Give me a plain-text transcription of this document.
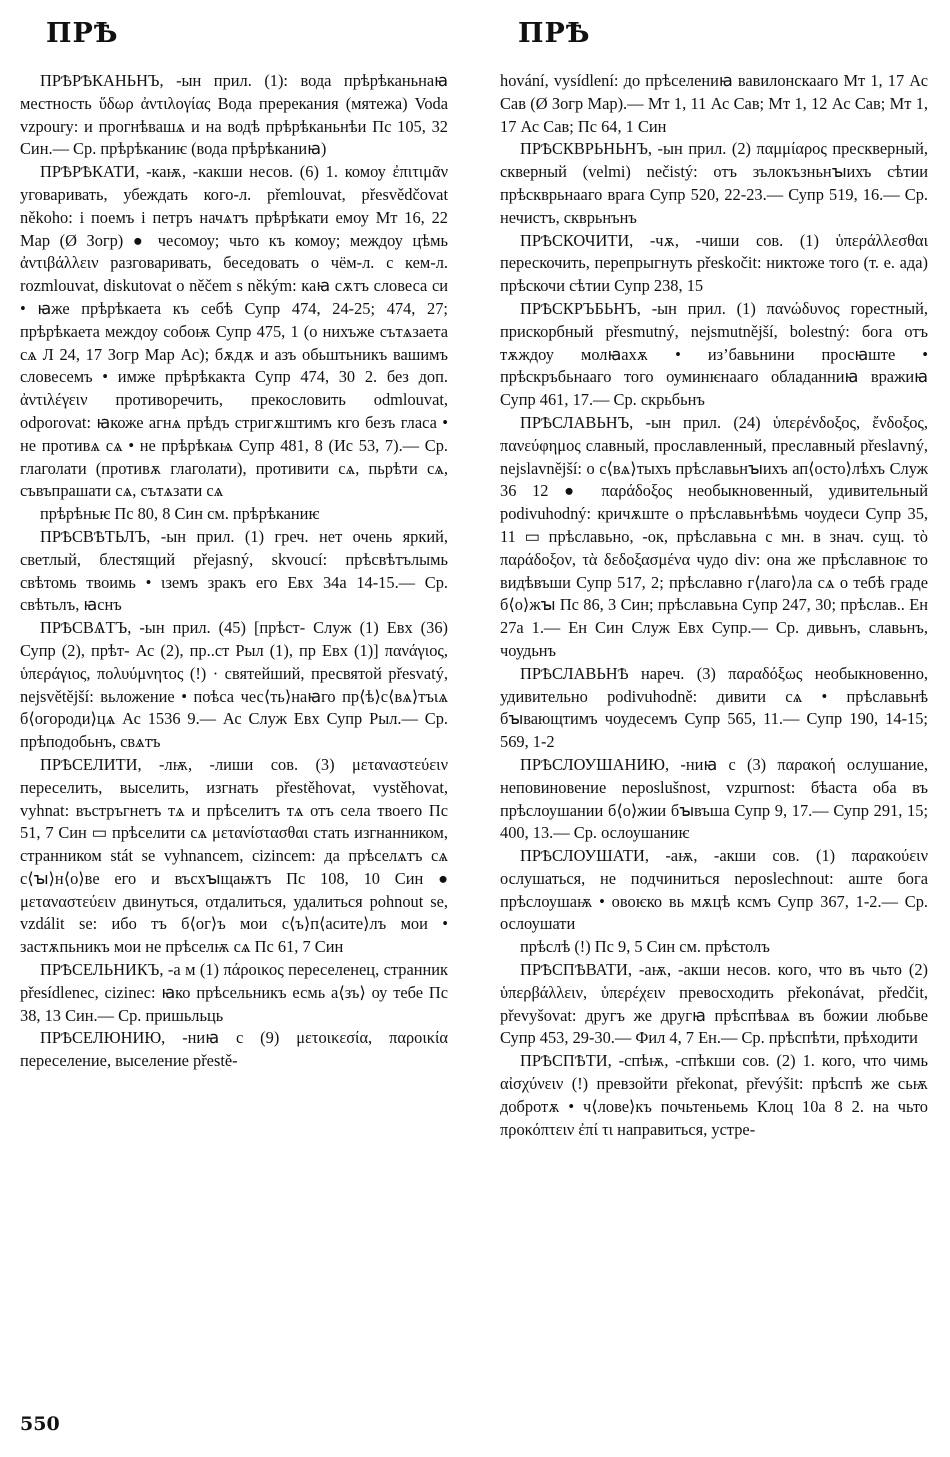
ПРѢ	ПРѢ

ПРѢРѢКАНЬНЪ, -ын прил. (1): вода прѣрѣканьнаꙗ местность ὕδωρ ἀντιλογίας Вода пререкания (мятежа) Voda vzpoury: и прогнѣвашѧ и на водѣ прѣрѣканьнѣи Пс 105, 32 Син.— Ср. прѣрѣканиѥ (вода прѣрѣканиꙗ)

ПРѢРѢКАТИ, -каѭ, -какши несов. (6) 1. комоу ἐπιτιμᾶν уговаривать, убеждать кого-л. přemlouvat, přesvědčovat někoho: і поемъ і петръ начѧтъ прѣрѣкати емоу Мт 16, 22 Мар (Ø Зогр) ● чесомоу; чьто къ комоу; междоу цѣмь ἀντιβάλλειν разговаривать, беседовать о чём-л. с кем-л. rozmlouvat, diskutovat o něčem s někým: каꙗ сѫтъ словеса си • ꙗже прѣрѣкаета къ себѣ Супр 474, 24-25; 474, 27; прѣрѣкаета междоу собоѭ Супр 475, 1 (о нихъже сътѧзаета сѧ Л 24, 17 Зогр Мар Ас); бѫдѫ и азъ обьштьникъ вашимъ словесемъ • имже прѣрѣкакта Супр 474, 30 2. без доп. ἀντιλέγειν противоречить, прекословить odmlouvat, odporovat: ꙗкоже агнѧ прѣдъ стригѫштимъ кго безъ гласа • не противѧ сѧ • не прѣрѣкаѩ Супр 481, 8 (Ис 53, 7).— Ср. глаголати (противѫ глаголати), противити сѧ, пьрѣти сѧ, съвъпрашати сѧ, сътѧзати сѧ

прѣрѣньѥ Пс 80, 8 Син см. прѣрѣканиѥ

ПРѢСВѢТЬЛЪ, -ын прил. (1) греч. нет очень яркий, светлый, блестящий přejasný, skvoucí: прѣсвѣтълымь свѣтомь твоимь • ιземъ зракъ его Евх 34а 14-15.— Ср. свѣтьлъ, ꙗснъ

ПРѢСВѦТЪ, -ын прил. (45) [прѣст- Служ (1) Евх (36) Супр (2), прѣт- Ас (2), пр..ст Рыл (1), пр Евх (1)] πανάγιος, ὑπεράγιος, πολυύμνητος (!) · святейший, пресвятой přesvatý, nejsvětější: вьложение • поѣса чес⟨ть⟩наꙗго пр⟨ѣ⟩с⟨вѧ⟩тъιѧ б⟨огороди⟩цѧ Ас 1536 9.— Ас Служ Евх Супр Рыл.— Ср. прѣподобьнъ, свѧтъ

ПРѢСЕЛИТИ, -лѭ, -лиши сов. (3) μεταναστεύειν переселить, выселить, изгнать přestěhovat, vystěhovat, vyhnat: въстръгнетъ тѧ и прѣселитъ тѧ отъ села твоего Пс 51, 7 Син ▭ прѣселити сѧ μετανίστασθαι стать изгнанником, странником stát se vyhnancem, cizincem: да прѣселѧтъ сѧ с⟨ꙑ⟩н⟨о⟩ве его и въсхꙑщаѭтъ Пс 108, 10 Син ● μεταναστεύειν двинуться, отдалиться, удалиться pohnout se, vzdálit se: ибо тъ б⟨ог⟩ъ мои с⟨ъ⟩п⟨асите⟩лъ мои • застѫпьникъ мои не прѣселѭ сѧ Пс 61, 7 Син

ПРѢСЕЛЬНИКЪ, -а м (1) πάροικος переселенец, странник přesídlenec, cizinec: ꙗко прѣсельникъ есмь а⟨зъ⟩ оу тебе Пс 38, 13 Син.— Ср. пришьльць

ПРѢСЕЛЮНИЮ, -ниꙗ с (9) μετοικεσία, παροικία переселение, выселение přestě-

hování, vysídlení: до прѣселениꙗ вавилонскааго Мт 1, 17 Ас Сав (Ø Зогр Мар).— Мт 1, 11 Ас Сав; Мт 1, 12 Ас Сав; Мт 1, 17 Ас Сав; Пс 64, 1 Син

ПРѢСКВРЬНЬНЪ, -ын прил. (2) παμμίαρος прескверный, скверный (velmi) nečistý: отъ зълокъзньнꙑихъ сѣтии прѣскврьнааго врага Супр 520, 22-23.— Супр 519, 16.— Ср. нечистъ, скврьнънъ

ПРѢСКОЧИТИ, -чѫ, -чиши сов. (1) ὑπεράλλεσθαι перескочить, перепрыгнуть přeskočit: никтоже того (т. е. ада) прѣскочи сѣтии Супр 238, 15

ПРѢСКРЪБЬНЪ, -ын прил. (1) πανώδυνος горестный, прискорбный přesmutný, nejsmutnější, bolestný: бога отъ тѫждоу молꙗахѫ • из’бавьнини просꙗште • прѣскръбьнааго того оуминѥнааго обладанниꙗ вражиꙗ Супр 461, 17.— Ср. скрьбьнъ

ПРѢСЛАВЬНЪ, -ын прил. (24) ὑπερένδοξος, ἔνδοξος, πανεύφημος славный, прославленный, преславный přeslavný, nejslavnější: о с⟨вѧ⟩тыхъ прѣславьнꙑихъ ап⟨осто⟩лѣхъ Служ 36 12 ● παράδοξος необыкновенный, удивительный podivuhodný: кричѫште о прѣславьнѣѣмь чоудеси Супр 35, 11 ▭ прѣславьно, -ок, прѣславьна с мн. в знач. сущ. τὸ παράδοξον, τὰ δεδοξασμένα чудо div: она же прѣславноѥ то видѣвъши Супр 517, 2; прѣславно г⟨лаго⟩ла сѧ о тебѣ граде б⟨о⟩жꙑ Пс 86, 3 Син; прѣславьна Супр 247, 30; прѣслав.. Ен 27а 1.— Ен Син Служ Евх Супр.— Ср. дивьнъ, славьнъ, чоудьнъ

ПРѢСЛАВЬНѢ нареч. (3) παραδόξως необыкновенно, удивительно podivuhodně: дивити сѧ • прѣславьнѣ бꙑвающтимъ чоудесемъ Супр 565, 11.— Супр 190, 14-15; 569, 1-2

ПРѢСЛОУШАНИЮ, -ниꙗ с (3) παρακοή ослушание, неповиновение neposlušnost, vzpurnost: бѣаста оба въ прѣслоушании б⟨о⟩жии бꙑвъша Супр 9, 17.— Супр 291, 15; 400, 13.— Ср. ослоушаниѥ

ПРѢСЛОУШАТИ, -аѭ, -акши сов. (1) παρακούειν ослушаться, не подчиниться neposlechnout: аште бога прѣслоушаѭ • овоѥко вь мѫцѣ ксмъ Супр 367, 1-2.— Ср. ослоушати

прѣслѣ (!) Пс 9, 5 Син см. прѣстолъ

ПРѢСПѢВАТИ, -аѭ, -акши несов. кого, что въ чьто (2) ὑπερβάλλειν, ὑπερέχειν превосходить překonávat, předčit, převyšovat: другъ же другꙗ прѣспѣваѧ въ божии любьве Супр 453, 29-30.— Фил 4, 7 Ен.— Ср. прѣспѣти, прѣходити

ПРѢСПѢТИ, -спѣѭ, -спѣкши сов. (2) 1. кого, что чимь αἰσχύνειν (!) превзойти překonat, převýšit: прѣспѣ же сьѭ добротѫ • ч⟨лове⟩къ почьтеньемь Клоц 10а 8 2. на чьто προκόπτειν ἐπί τι направиться, устре-

550
